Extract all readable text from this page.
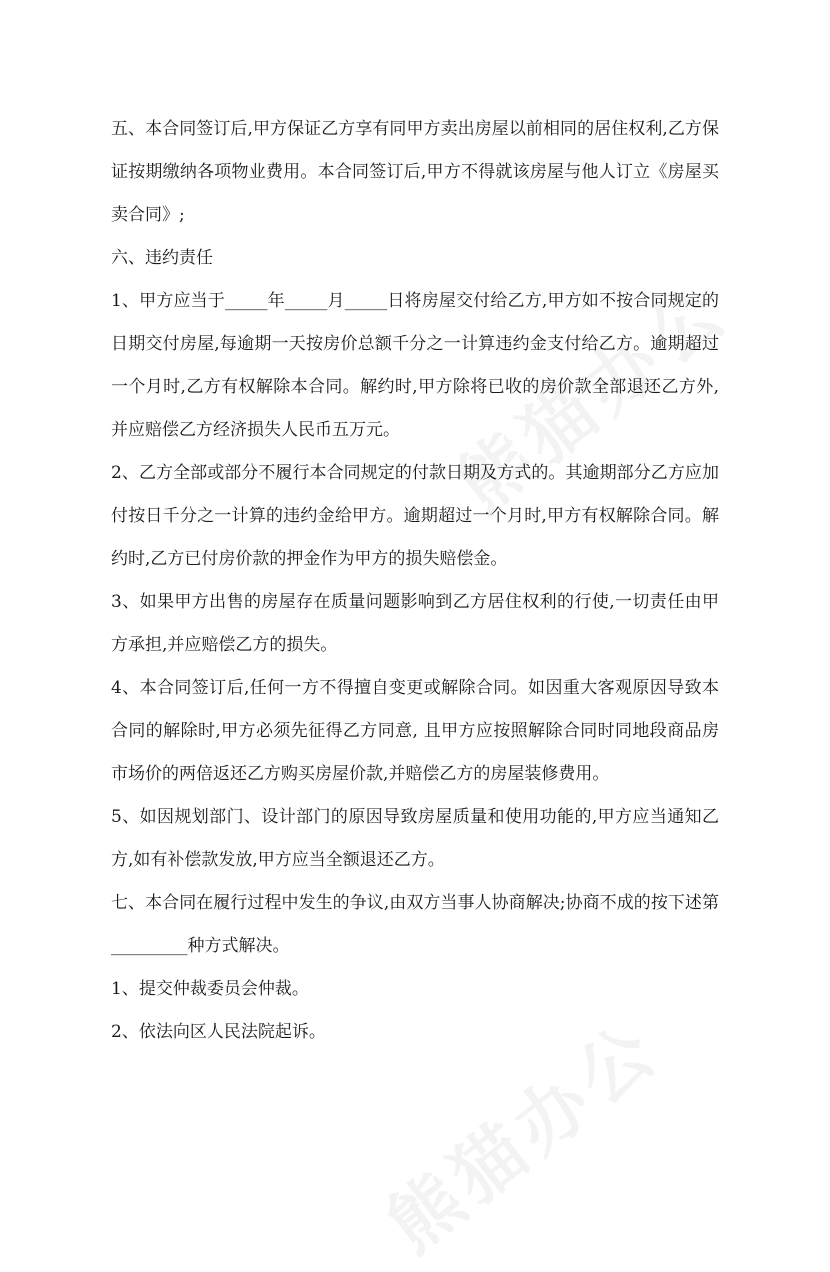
五、本合同签订后,甲方保证乙方享有同甲方卖出房屋以前相同的居住权利,乙方保证按期缴纳各项物业费用。本合同签订后,甲方不得就该房屋与他人订立《房屋买卖合同》;

六、违约责任

1、甲方应当于_____年_____月_____日将房屋交付给乙方,甲方如不按合同规定的日期交付房屋,每逾期一天按房价总额千分之一计算违约金支付给乙方。逾期超过一个月时,乙方有权解除本合同。解约时,甲方除将已收的房价款全部退还乙方外,并应赔偿乙方经济损失人民币五万元。

2、乙方全部或部分不履行本合同规定的付款日期及方式的。其逾期部分乙方应加付按日千分之一计算的违约金给甲方。逾期超过一个月时,甲方有权解除合同。解约时,乙方已付房价款的押金作为甲方的损失赔偿金。

3、如果甲方出售的房屋存在质量问题影响到乙方居住权利的行使,一切责任由甲方承担,并应赔偿乙方的损失。

4、本合同签订后,任何一方不得擅自变更或解除合同。如因重大客观原因导致本合同的解除时,甲方必须先征得乙方同意, 且甲方应按照解除合同时同地段商品房市场价的两倍返还乙方购买房屋价款,并赔偿乙方的房屋装修费用。

5、如因规划部门、设计部门的原因导致房屋质量和使用功能的,甲方应当通知乙方,如有补偿款发放,甲方应当全额退还乙方。

七、本合同在履行过程中发生的争议,由双方当事人协商解决;协商不成的按下述第_________种方式解决。

1、提交仲裁委员会仲裁。

2、依法向区人民法院起诉。
